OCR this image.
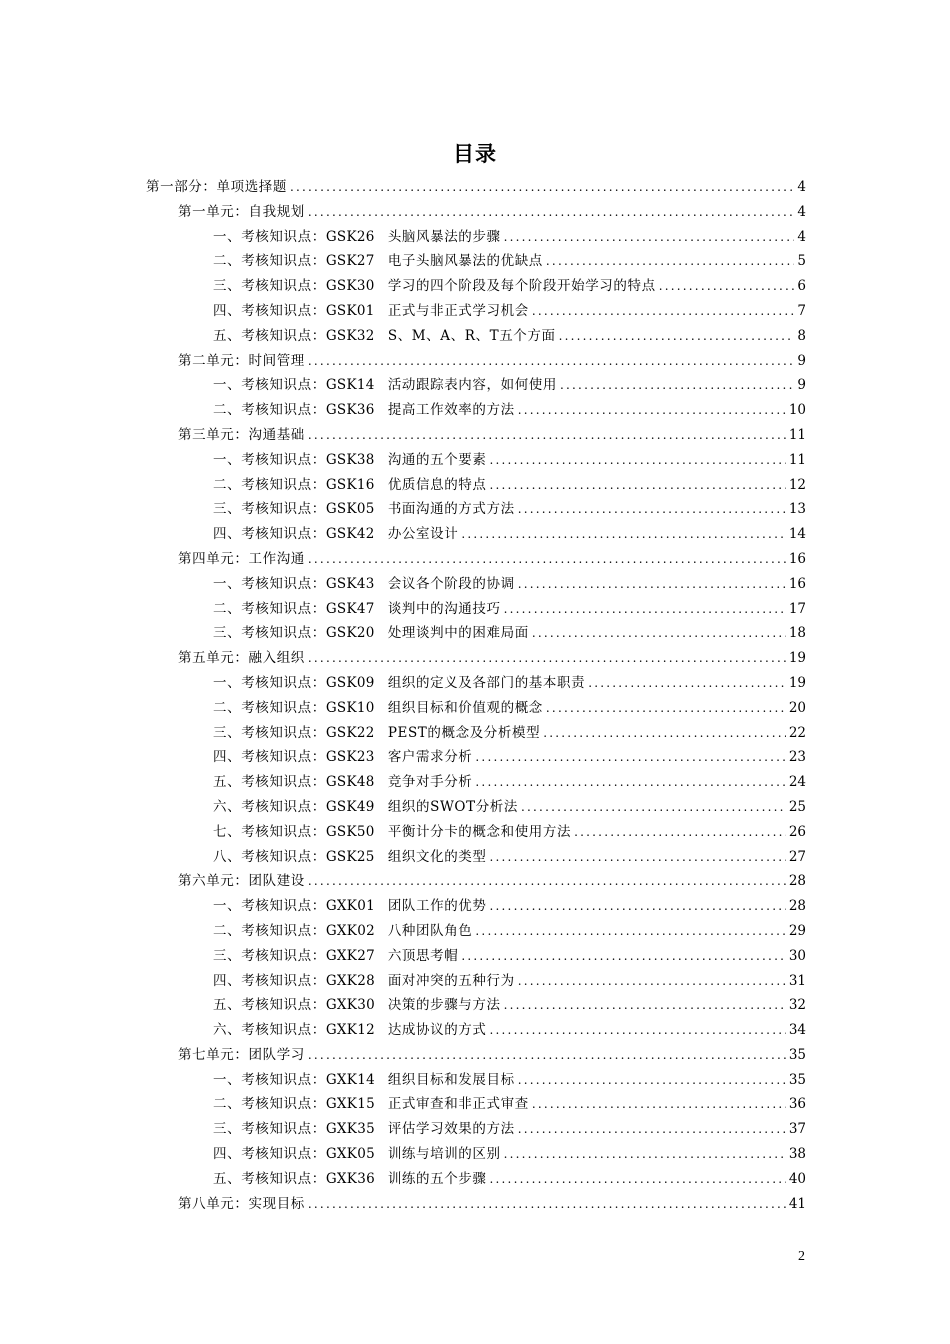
目录
第一部分：单项选择题 .....	4
第一单元：自我规划 .....	4
一、考核知识点：GSK26 头脑风暴法的步骤 .....	4
二、考核知识点：GSK27 电子头脑风暴法的优缺点 .....	5
三、考核知识点：GSK30 学习的四个阶段及每个阶段开始学习的特点 .....	6
四、考核知识点：GSK01 正式与非正式学习机会 .....	7
五、考核知识点：GSK32 S、M、A、R、T五个方面 .....	8
第二单元：时间管理 .....	9
一、考核知识点：GSK14 活动跟踪表内容，如何使用 .....	9
二、考核知识点：GSK36 提高工作效率的方法 .....	10
第三单元：沟通基础 .....	11
一、考核知识点：GSK38 沟通的五个要素 .....	11
二、考核知识点：GSK16 优质信息的特点 .....	12
三、考核知识点：GSK05 书面沟通的方式方法 .....	13
四、考核知识点：GSK42 办公室设计 .....	14
第四单元：工作沟通 .....	16
一、考核知识点：GSK43 会议各个阶段的协调 .....	16
二、考核知识点：GSK47 谈判中的沟通技巧 .....	17
三、考核知识点：GSK20 处理谈判中的困难局面 .....	18
第五单元：融入组织 .....	19
一、考核知识点：GSK09 组织的定义及各部门的基本职责 .....	19
二、考核知识点：GSK10 组织目标和价值观的概念 .....	20
三、考核知识点：GSK22 PEST的概念及分析模型 .....	22
四、考核知识点：GSK23 客户需求分析 .....	23
五、考核知识点：GSK48 竞争对手分析 .....	24
六、考核知识点：GSK49 组织的SWOT分析法 .....	25
七、考核知识点：GSK50 平衡计分卡的概念和使用方法 .....	26
八、考核知识点：GSK25 组织文化的类型 .....	27
第六单元：团队建设 .....	28
一、考核知识点：GXK01 团队工作的优势 .....	28
二、考核知识点：GXK02 八种团队角色 .....	29
三、考核知识点：GXK27 六顶思考帽 .....	30
四、考核知识点：GXK28 面对冲突的五种行为 .....	31
五、考核知识点：GXK30 决策的步骤与方法 .....	32
六、考核知识点：GXK12 达成协议的方式 .....	34
第七单元：团队学习 .....	35
一、考核知识点：GXK14 组织目标和发展目标 .....	35
二、考核知识点：GXK15 正式审查和非正式审查 .....	36
三、考核知识点：GXK35 评估学习效果的方法 .....	37
四、考核知识点：GXK05 训练与培训的区别 .....	38
五、考核知识点：GXK36 训练的五个步骤 .....	40
第八单元：实现目标 .....	41
2
